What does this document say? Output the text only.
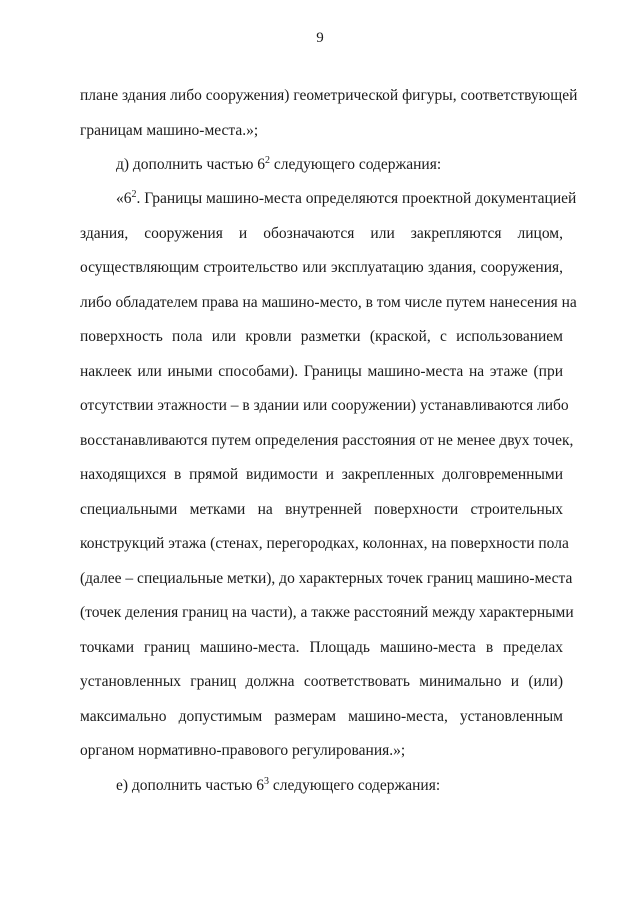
9
плане здания либо сооружения) геометрической фигуры, соответствующей
границам машино-места.»;
д) дополнить частью $6^2$ следующего содержания:
«$6^2$. Границы машино-места определяются проектной документацией
здания, сооружения и обозначаются или закрепляются лицом,
осуществляющим строительство или эксплуатацию здания, сооружения,
либо обладателем права на машино-место, в том числе путем нанесения на
поверхность пола или кровли разметки (краской, с использованием
наклеек или иными способами). Границы машино-места на этаже (при
отсутствии этажности – в здании или сооружении) устанавливаются либо
восстанавливаются путем определения расстояния от не менее двух точек,
находящихся в прямой видимости и закрепленных долговременными
специальными метками на внутренней поверхности строительных
конструкций этажа (стенах, перегородках, колоннах, на поверхности пола
(далее – специальные метки), до характерных точек границ машино-места
(точек деления границ на части), а также расстояний между характерными
точками границ машино-места. Площадь машино-места в пределах
установленных границ должна соответствовать минимально и (или)
максимально допустимым размерам машино-места, установленным
органом нормативно-правового регулирования.»;
е) дополнить частью $6^3$ следующего содержания:
